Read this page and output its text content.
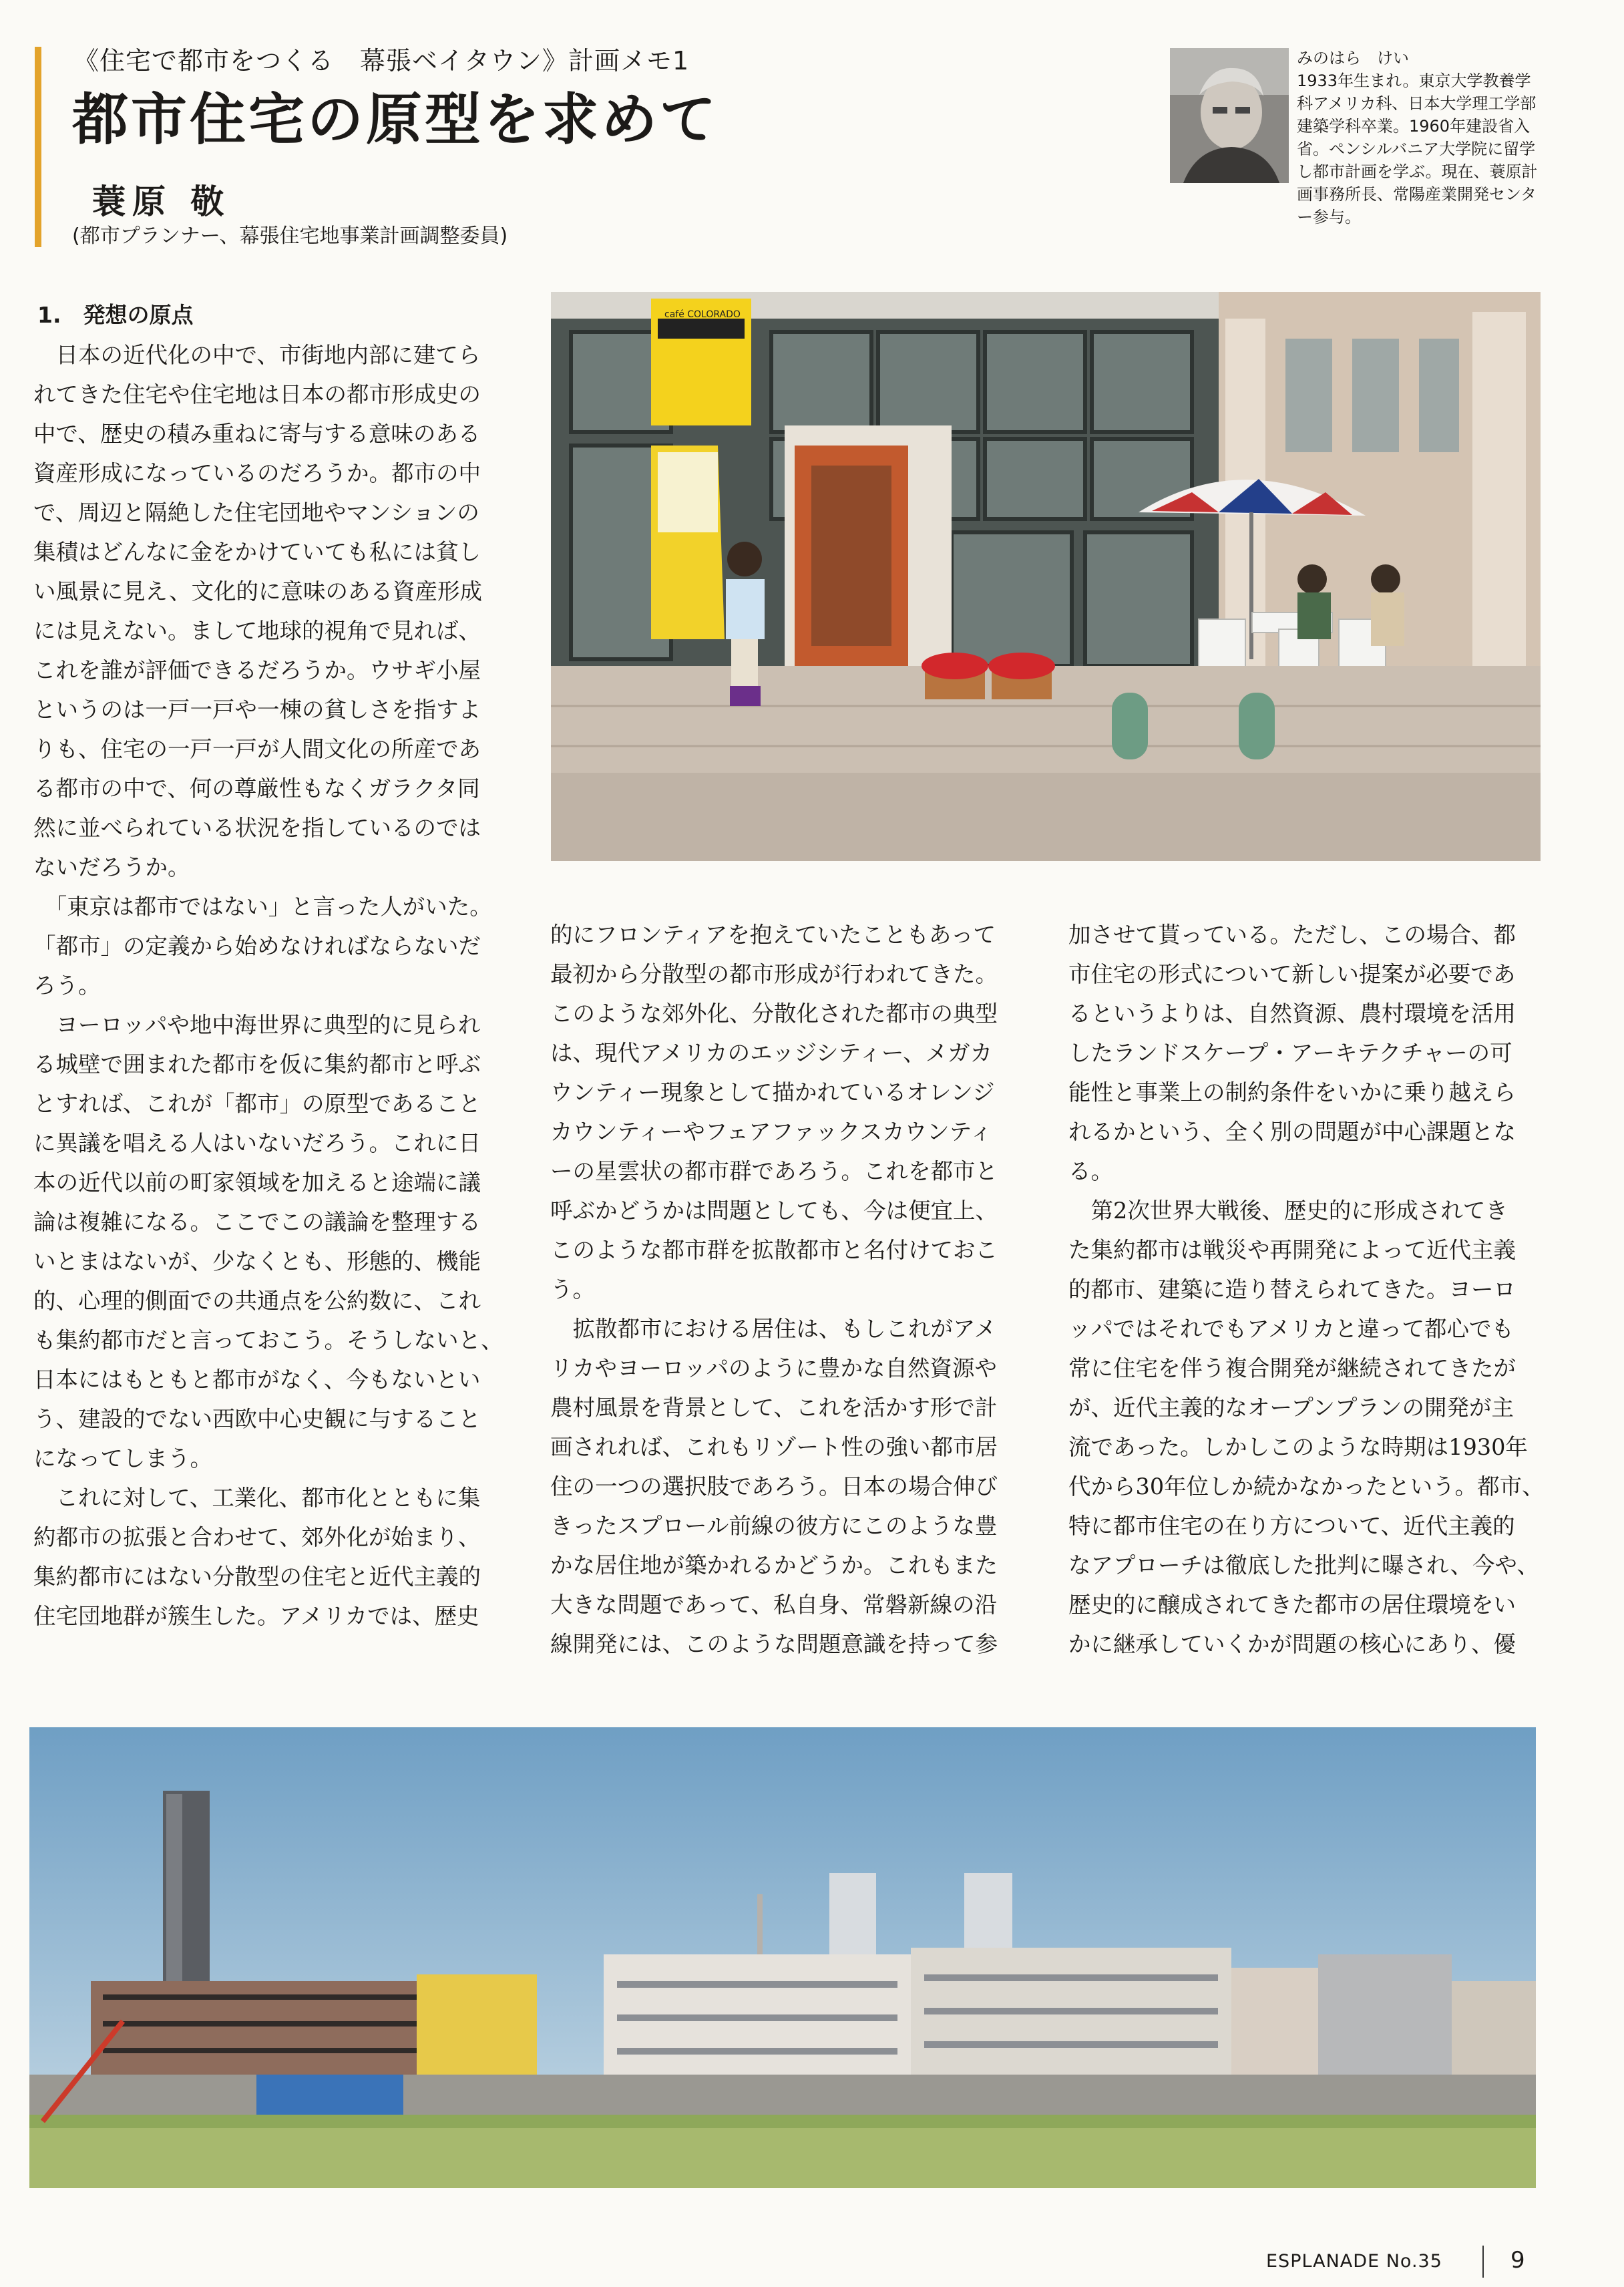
《住宅で都市をつくる　幕張ベイタウン》計画メモ1
都市住宅の原型を求めて
蓑原 敬
(都市プランナー、幕張住宅地事業計画調整委員)
みのはら　けい
1933年生まれ。東京大学教養学
科アメリカ科、日本大学理工学部
建築学科卒業。1960年建設省入
省。ペンシルバニア大学院に留学
し都市計画を学ぶ。現在、蓑原計
画事務所長、常陽産業開発センタ
ー参与。
café COLORADO
1.　発想の原点
　日本の近代化の中で、市街地内部に建てら
れてきた住宅や住宅地は日本の都市形成史の
中で、歴史の積み重ねに寄与する意味のある
資産形成になっているのだろうか。都市の中
で、周辺と隔絶した住宅団地やマンションの
集積はどんなに金をかけていても私には貧し
い風景に見え、文化的に意味のある資産形成
には見えない。まして地球的視角で見れば、
これを誰が評価できるだろうか。ウサギ小屋
というのは一戸一戸や一棟の貧しさを指すよ
りも、住宅の一戸一戸が人間文化の所産であ
る都市の中で、何の尊厳性もなくガラクタ同
然に並べられている状況を指しているのでは
ないだろうか。
　「東京は都市ではない」と言った人がいた。
「都市」の定義から始めなければならないだ
ろう。
　ヨーロッパや地中海世界に典型的に見られ
る城壁で囲まれた都市を仮に集約都市と呼ぶ
とすれば、これが「都市」の原型であること
に異議を唱える人はいないだろう。これに日
本の近代以前の町家領域を加えると途端に議
論は複雑になる。ここでこの議論を整理する
いとまはないが、少なくとも、形態的、機能
的、心理的側面での共通点を公約数に、これ
も集約都市だと言っておこう。そうしないと、
日本にはもともと都市がなく、今もないとい
う、建設的でない西欧中心史観に与すること
になってしまう。
　これに対して、工業化、都市化とともに集
約都市の拡張と合わせて、郊外化が始まり、
集約都市にはない分散型の住宅と近代主義的
住宅団地群が簇生した。アメリカでは、歴史
的にフロンティアを抱えていたこともあって
最初から分散型の都市形成が行われてきた。
このような郊外化、分散化された都市の典型
は、現代アメリカのエッジシティー、メガカ
ウンティー現象として描かれているオレンジ
カウンティーやフェアファックスカウンティ
ーの星雲状の都市群であろう。これを都市と
呼ぶかどうかは問題としても、今は便宜上、
このような都市群を拡散都市と名付けておこ
う。
　拡散都市における居住は、もしこれがアメ
リカやヨーロッパのように豊かな自然資源や
農村風景を背景として、これを活かす形で計
画されれば、これもリゾート性の強い都市居
住の一つの選択肢であろう。日本の場合伸び
きったスプロール前線の彼方にこのような豊
かな居住地が築かれるかどうか。これもまた
大きな問題であって、私自身、常磐新線の沿
線開発には、このような問題意識を持って参
加させて貰っている。ただし、この場合、都
市住宅の形式について新しい提案が必要であ
るというよりは、自然資源、農村環境を活用
したランドスケープ・アーキテクチャーの可
能性と事業上の制約条件をいかに乗り越えら
れるかという、全く別の問題が中心課題とな
る。
　第2次世界大戦後、歴史的に形成されてき
た集約都市は戦災や再開発によって近代主義
的都市、建築に造り替えられてきた。ヨーロ
ッパではそれでもアメリカと違って都心でも
常に住宅を伴う複合開発が継続されてきたが
が、近代主義的なオープンプランの開発が主
流であった。しかしこのような時期は1930年
代から30年位しか続かなかったという。都市、
特に都市住宅の在り方について、近代主義的
なアプローチは徹底した批判に曝され、今や、
歴史的に醸成されてきた都市の居住環境をい
かに継承していくかが問題の核心にあり、優
ESPLANADE No.35	9
